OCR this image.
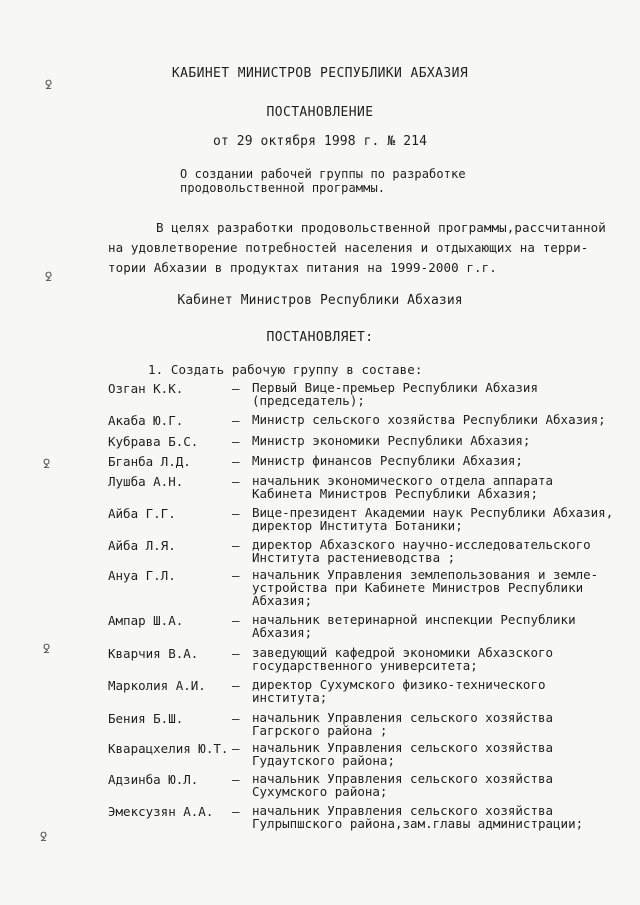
ꝿ
ꝿ
ꝿ
ꝿ
ꝿ
КАБИНЕТ МИНИСТРОВ РЕСПУБЛИКИ АБХАЗИЯ
ПОСТАНОВЛЕНИЕ
от 29 октября 1998 г. № 214
О создании рабочей группы по разработке
продовольственной программы.
В целях разработки продовольственной программы,рассчитанной
на удовлетворение потребностей населения и отдыхающих на терри-
тории Абхазии в продуктах питания на 1999-2000 г.г.
Кабинет Министров Республики Абхазия
ПОСТАНОВЛЯЕТ:
1. Создать рабочую группу в составе:
Озган К.К.	– Первый Вице-премьер Республики Абхазия
(председатель);
Акаба Ю.Г.	– Министр сельского хозяйства Республики Абхазия;
Кубрава Б.С.	– Министр экономики Республики Абхазия;
Бганба Л.Д.	– Министр финансов Республики Абхазия;
Лушба А.Н.	– начальник экономического отдела аппарата
Кабинета Министров Республики Абхазия;
Айба Г.Г.	– Вице-президент Академии наук Республики Абхазия,
директор Института Ботаники;
Айба Л.Я.	– директор Абхазского научно-исследовательского
Института растениеводства ;
Ануа Г.Л.	– начальник Управления землепользования и земле-
устройства при Кабинете Министров Республики
Абхазия;
Ампар Ш.А.	– начальник ветеринарной инспекции Республики
Абхазия;
Кварчия В.А.	– заведующий кафедрой экономики Абхазского
государственного университета;
Марколия А.И. – директор Сухумского физико-технического
института;
Бения Б.Ш.	– начальник Управления сельского хозяйства
Гагрского района ;
Кварацхелия Ю.Т. – начальник Управления сельского хозяйства
Гудаутского района;
Адзинба Ю.Л.	– начальник Управления сельского хозяйства
Сухумского района;
Эмексузян А.А. – начальник Управления сельского хозяйства
Гулрыпшского района,зам.главы администрации;
